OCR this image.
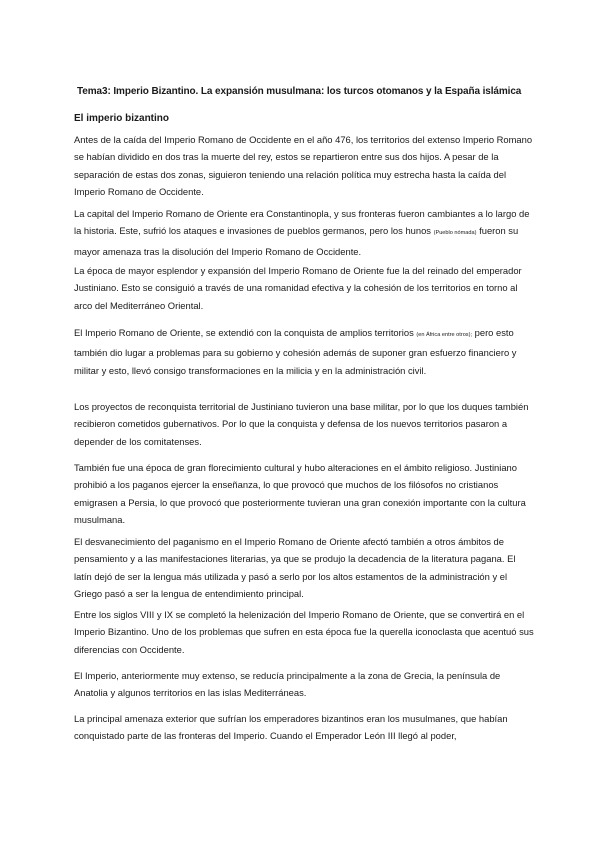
Tema3: Imperio Bizantino. La expansión musulmana: los turcos otomanos y la España islámica
El imperio bizantino

Antes de la caída del Imperio Romano de Occidente en el año 476, los territorios del extenso Imperio Romano se habían dividido en dos tras la muerte del rey, estos se repartieron entre sus dos hijos. A pesar de la separación de estas dos zonas, siguieron teniendo una relación política muy estrecha hasta la caída del Imperio Romano de Occidente.

La capital del Imperio Romano de Oriente era Constantinopla, y sus fronteras fueron cambiantes a lo largo de la historia. Este, sufrió los ataques e invasiones de pueblos germanos, pero los hunos (Pueblo nómada) fueron su mayor amenaza tras la disolución del Imperio Romano de Occidente.

La época de mayor esplendor y expansión del Imperio Romano de Oriente fue la del reinado del emperador Justiniano. Esto se consiguió a través de una romanidad efectiva y la cohesión de los territorios en torno al arco del Mediterráneo Oriental.

El Imperio Romano de Oriente, se extendió con la conquista de amplios territorios (en África entre otros); pero esto también dio lugar a problemas para su gobierno y cohesión además de suponer gran esfuerzo financiero y militar y esto, llevó consigo transformaciones en la milicia y en la administración civil.

Los proyectos de reconquista territorial de Justiniano tuvieron una base militar, por lo que los duques también recibieron cometidos gubernativos. Por lo que la conquista y defensa de los nuevos territorios pasaron a depender de los comitatenses.

También fue una época de gran florecimiento cultural y hubo alteraciones en el ámbito religioso. Justiniano prohibió a los paganos ejercer la enseñanza, lo que provocó que muchos de los filósofos no cristianos emigrasen a Persia, lo que provocó que posteriormente tuvieran una gran conexión importante con la cultura musulmana.

El desvanecimiento del paganismo en el Imperio Romano de Oriente afectó también a otros ámbitos de pensamiento y a las manifestaciones literarias, ya que se produjo la decadencia de la literatura pagana. El latín dejó de ser la lengua más utilizada y pasó a serlo por los altos estamentos de la administración y el Griego pasó a ser la lengua de entendimiento principal.

Entre los siglos VIII y IX se completó la helenización del Imperio Romano de Oriente, que se convertirá en el Imperio Bizantino. Uno de los problemas que sufren en esta época fue la querella iconoclasta que acentuó sus diferencias con Occidente.

El Imperio, anteriormente muy extenso, se reducía principalmente a la zona de Grecia, la península de Anatolia y algunos territorios en las islas Mediterráneas.

La principal amenaza exterior que sufrían los emperadores bizantinos eran los musulmanes, que habían conquistado parte de las fronteras del Imperio. Cuando el Emperador León III llegó al poder,
